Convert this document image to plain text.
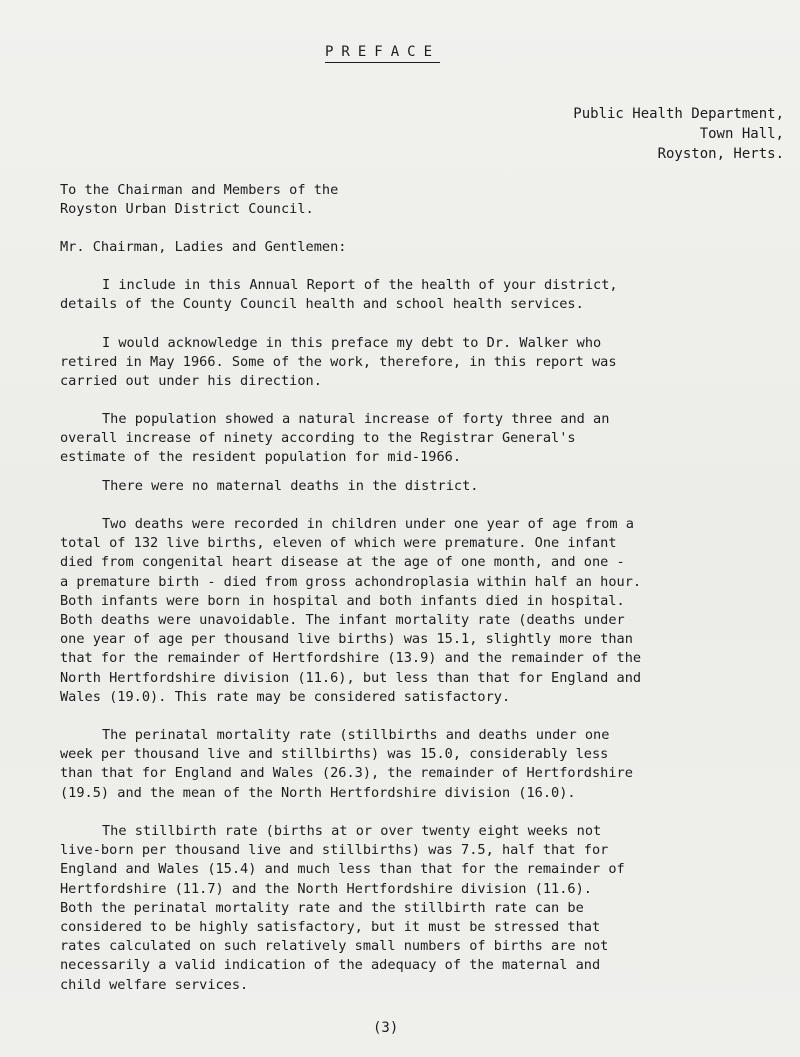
PREFACE
Public Health Department,
Town Hall,
Royston, Herts.
To the Chairman and Members of the
Royston Urban District Council.
Mr. Chairman, Ladies and Gentlemen:
I include in this Annual Report of the health of your district,
details of the County Council health and school health services.
I would acknowledge in this preface my debt to Dr. Walker who
retired in May 1966. Some of the work, therefore, in this report was
carried out under his direction.
The population showed a natural increase of forty three and an
overall increase of ninety according to the Registrar General's
estimate of the resident population for mid-1966.
There were no maternal deaths in the district.
Two deaths were recorded in children under one year of age from a
total of 132 live births, eleven of which were premature. One infant
died from congenital heart disease at the age of one month, and one -
a premature birth - died from gross achondroplasia within half an hour.
Both infants were born in hospital and both infants died in hospital.
Both deaths were unavoidable. The infant mortality rate (deaths under
one year of age per thousand live births) was 15.1, slightly more than
that for the remainder of Hertfordshire (13.9) and the remainder of the
North Hertfordshire division (11.6), but less than that for England and
Wales (19.0). This rate may be considered satisfactory.
The perinatal mortality rate (stillbirths and deaths under one
week per thousand live and stillbirths) was 15.0, considerably less
than that for England and Wales (26.3), the remainder of Hertfordshire
(19.5) and the mean of the North Hertfordshire division (16.0).
The stillbirth rate (births at or over twenty eight weeks not
live-born per thousand live and stillbirths) was 7.5, half that for
England and Wales (15.4) and much less than that for the remainder of
Hertfordshire (11.7) and the North Hertfordshire division (11.6).
Both the perinatal mortality rate and the stillbirth rate can be
considered to be highly satisfactory, but it must be stressed that
rates calculated on such relatively small numbers of births are not
necessarily a valid indication of the adequacy of the maternal and
child welfare services.
(3)
